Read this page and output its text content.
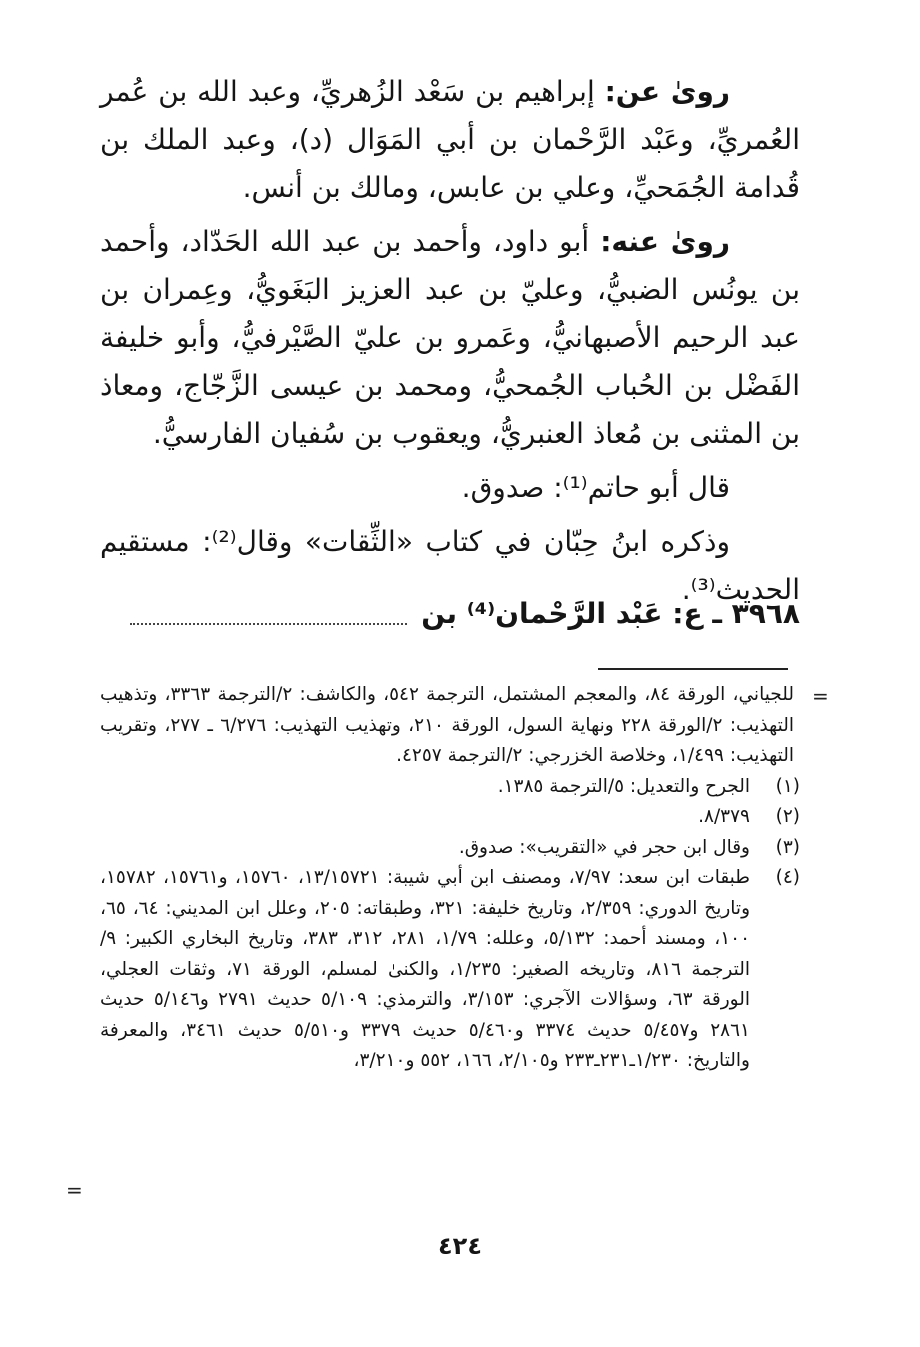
روىٰ عن: إبراهيم بن سَعْد الزُهريِّ، وعبد الله بن عُمر العُمريِّ، وعَبْد الرَّحْمان بن أبي المَوَال (د)، وعبد الملك بن قُدامة الجُمَحيِّ، وعلي بن عابس، ومالك بن أنس.

روىٰ عنه: أبو داود، وأحمد بن عبد الله الحَدّاد، وأحمد بن يونُس الضبيُّ، وعليّ بن عبد العزيز البَغَويُّ، وعِمران بن عبد الرحيم الأصبهانيُّ، وعَمرو بن عليّ الصَّيْرفيُّ، وأبو خليفة الفَضْل بن الحُباب الجُمحيُّ، ومحمد بن عيسى الزَّجّاج، ومعاذ بن المثنى بن مُعاذ العنبريُّ، ويعقوب بن سُفيان الفارسيُّ.

قال أبو حاتم⁽¹⁾: صدوق.

وذكره ابنُ حِبّان في كتاب «الثِّقات» وقال⁽²⁾: مستقيم الحديث⁽³⁾.

٣٩٦٨ ـ ع: عَبْد الرَّحْمان⁽⁴⁾ بن
=
للجياني، الورقة ٨٤، والمعجم المشتمل، الترجمة ٥٤٢، والكاشف: ٢/الترجمة ٣٣٦٣، وتذهيب التهذيب: ٢/الورقة ٢٢٨ ونهاية السول، الورقة ٢١٠، وتهذيب التهذيب: ٦/٢٧٦ ـ ٢٧٧، وتقريب التهذيب: ١/٤٩٩، وخلاصة الخزرجي: ٢/الترجمة ٤٢٥٧.
(١)
الجرح والتعديل: ٥/الترجمة ١٣٨٥.
(٢)
٨/٣٧٩.
(٣)
وقال ابن حجر في «التقريب»: صدوق.
(٤)
طبقات ابن سعد: ٧/٩٧، ومصنف ابن أبي شيبة: ١٣/١٥٧٢١، ١٥٧٦٠، و١٥٧٦١، ١٥٧٨٢، وتاريخ الدوري: ٢/٣٥٩، وتاريخ خليفة: ٣٢١، وطبقاته: ٢٠٥، وعلل ابن المديني: ٦٤، ٦٥، ١٠٠، ومسند أحمد: ٥/١٣٢، وعلله: ١/٧٩، ٢٨١، ٣١٢، ٣٨٣، وتاريخ البخاري الكبير: ٩/الترجمة ٨١٦، وتاريخه الصغير: ١/٢٣٥، والكنىٰ لمسلم، الورقة ٧١، وثقات العجلي، الورقة ٦٣، وسؤالات الآجري: ٣/١٥٣، والترمذي: ٥/١٠٩ حديث ٢٧٩١ و٥/١٤٦ حديث ٢٨٦١ و٥/٤٥٧ حديث ٣٣٧٤ و٥/٤٦٠ حديث ٣٣٧٩ و٥/٥١٠ حديث ٣٤٦١، والمعرفة والتاريخ: ١/٢٣٠ـ٢٣١ـ٢٣٣ و٢/١٠٥، ١٦٦، ٥٥٢ و٣/٢١٠،
=
٤٢٤
